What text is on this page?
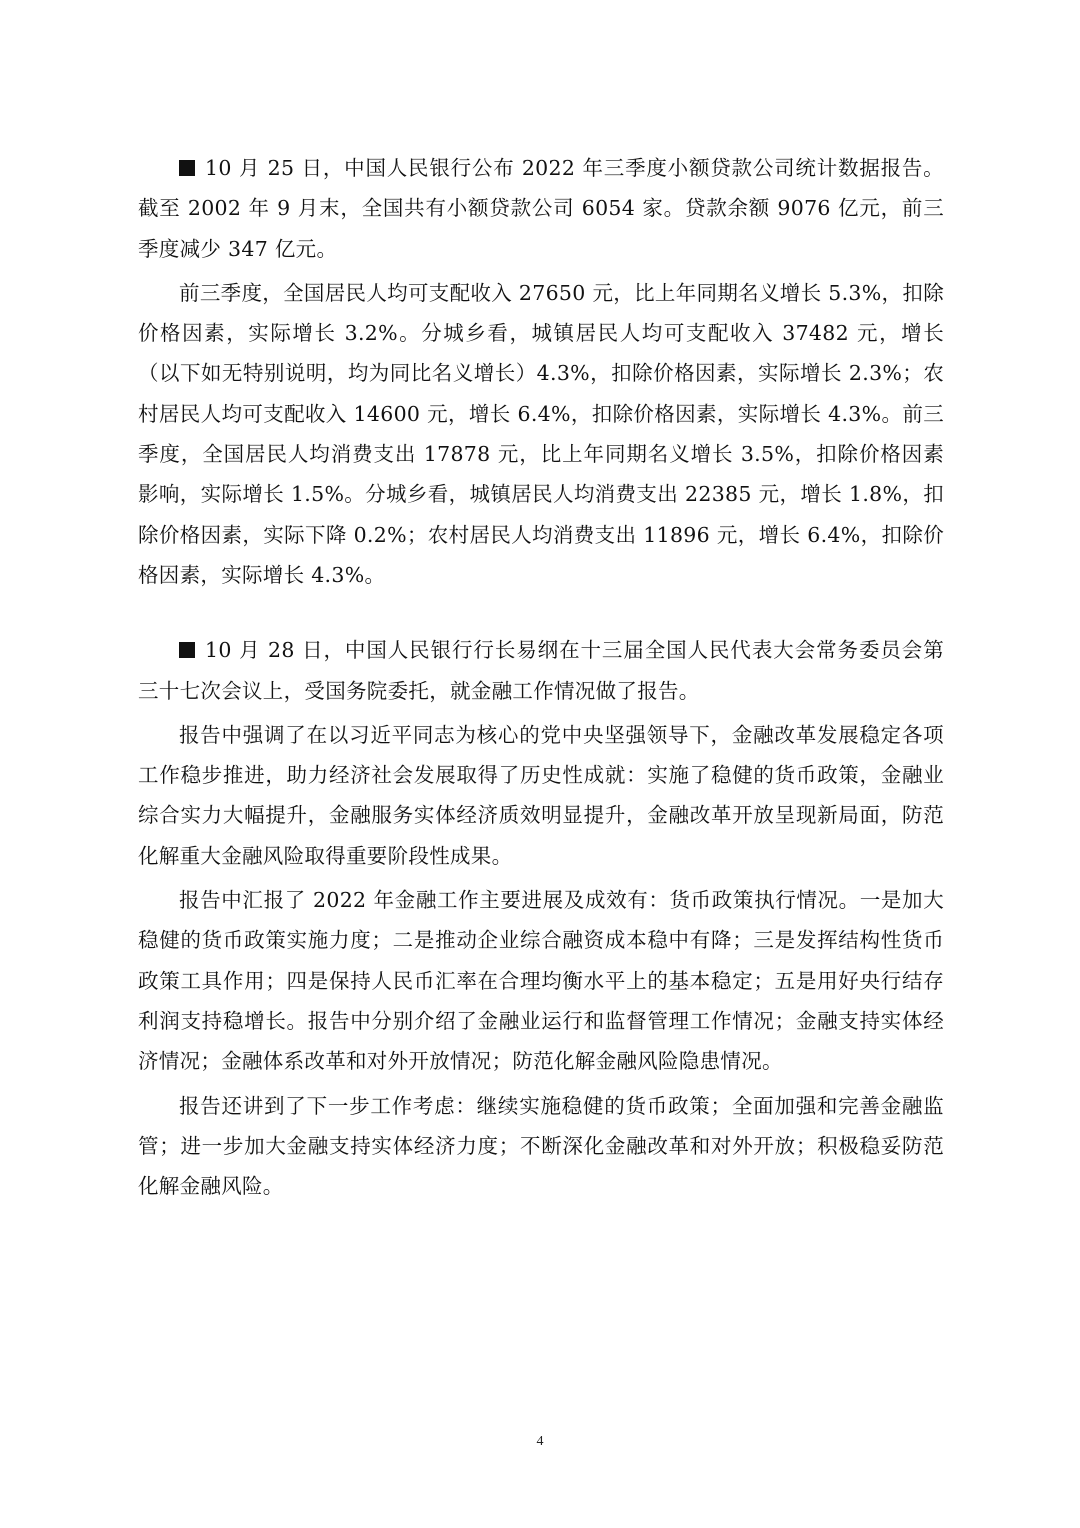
10 月 25 日，中国人民银行公布 2022 年三季度小额贷款公司统计数据报告。截至 2002 年 9 月末，全国共有小额贷款公司 6054 家。贷款余额 9076 亿元，前三季度减少 347 亿元。

前三季度，全国居民人均可支配收入 27650 元，比上年同期名义增长 5.3%，扣除价格因素，实际增长 3.2%。分城乡看，城镇居民人均可支配收入 37482 元，增长（以下如无特别说明，均为同比名义增长）4.3%，扣除价格因素，实际增长 2.3%；农村居民人均可支配收入 14600 元，增长 6.4%，扣除价格因素，实际增长 4.3%。前三季度，全国居民人均消费支出 17878 元，比上年同期名义增长 3.5%，扣除价格因素影响，实际增长 1.5%。分城乡看，城镇居民人均消费支出 22385 元，增长 1.8%，扣除价格因素，实际下降 0.2%；农村居民人均消费支出 11896 元，增长 6.4%，扣除价格因素，实际增长 4.3%。

10 月 28 日，中国人民银行行长易纲在十三届全国人民代表大会常务委员会第三十七次会议上，受国务院委托，就金融工作情况做了报告。

报告中强调了在以习近平同志为核心的党中央坚强领导下，金融改革发展稳定各项工作稳步推进，助力经济社会发展取得了历史性成就：实施了稳健的货币政策，金融业综合实力大幅提升，金融服务实体经济质效明显提升，金融改革开放呈现新局面，防范化解重大金融风险取得重要阶段性成果。

报告中汇报了 2022 年金融工作主要进展及成效有：货币政策执行情况。一是加大稳健的货币政策实施力度；二是推动企业综合融资成本稳中有降；三是发挥结构性货币政策工具作用；四是保持人民币汇率在合理均衡水平上的基本稳定；五是用好央行结存利润支持稳增长。报告中分别介绍了金融业运行和监督管理工作情况；金融支持实体经济情况；金融体系改革和对外开放情况；防范化解金融风险隐患情况。

报告还讲到了下一步工作考虑：继续实施稳健的货币政策；全面加强和完善金融监管；进一步加大金融支持实体经济力度；不断深化金融改革和对外开放；积极稳妥防范化解金融风险。

4
